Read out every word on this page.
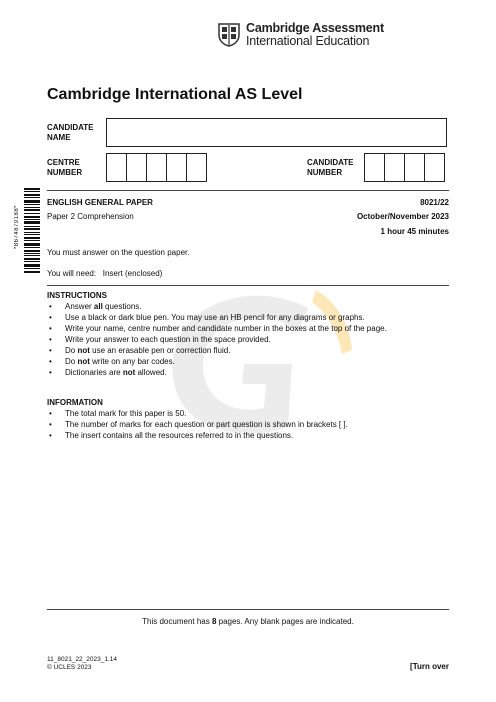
Cambridge Assessment
International Education
Cambridge International AS Level
CANDIDATE
NAME
CENTRE
NUMBER
CANDIDATE
NUMBER
*8674879188*
ENGLISH GENERAL PAPER	8021/22
Paper 2 Comprehension	October/November 2023
1 hour 45 minutes
You must answer on the question paper.
You will need: Insert (enclosed)
INSTRUCTIONS
• Answer all questions.
• Use a black or dark blue pen. You may use an HB pencil for any diagrams or graphs.
• Write your name, centre number and candidate number in the boxes at the top of the page.
• Write your answer to each question in the space provided.
• Do not use an erasable pen or correction fluid.
• Do not write on any bar codes.
• Dictionaries are not allowed.
INFORMATION
• The total mark for this paper is 50.
• The number of marks for each question or part question is shown in brackets [ ].
• The insert contains all the resources referred to in the questions.
This document has 8 pages. Any blank pages are indicated.
11_8021_22_2023_1.14
© UCLES 2023	[Turn over
